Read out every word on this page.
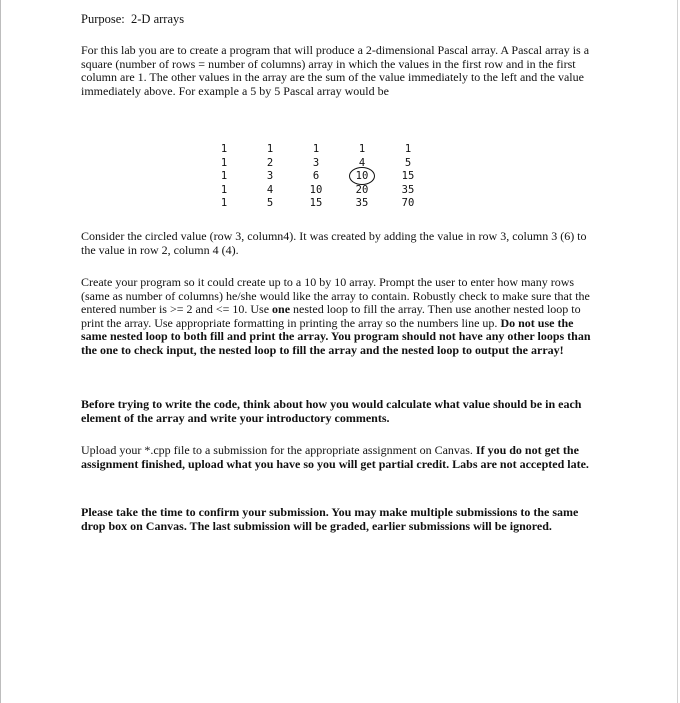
Purpose:  2-D arrays
For this lab you are to create a program that will produce a 2-dimensional Pascal array. A Pascal array is a square (number of rows = number of columns) array in which the values in the first row and in the first column are 1. The other values in the array are the sum of the value immediately to the left and the value immediately above. For example a 5 by 5 Pascal array would be
1	1	1	1	1
1	2	3	4	5
1	3	6	10	15
1	4	10	20	35
1	5	15	35	70
Consider the circled value (row 3, column4). It was created by adding the value in row 3, column 3 (6) to the value in row 2, column 4 (4).
Create your program so it could create up to a 10 by 10 array. Prompt the user to enter how many rows (same as number of columns) he/she would like the array to contain. Robustly check to make sure that the entered number is >= 2 and <= 10. Use one nested loop to fill the array. Then use another nested loop to print the array. Use appropriate formatting in printing the array so the numbers line up. Do not use the same nested loop to both fill and print the array. You program should not have any other loops than the one to check input, the nested loop to fill the array and the nested loop to output the array!
Before trying to write the code, think about how you would calculate what value should be in each element of the array and write your introductory comments.
Upload your *.cpp file to a submission for the appropriate assignment on Canvas. If you do not get the assignment finished, upload what you have so you will get partial credit. Labs are not accepted late.
Please take the time to confirm your submission. You may make multiple submissions to the same drop box on Canvas. The last submission will be graded, earlier submissions will be ignored.
